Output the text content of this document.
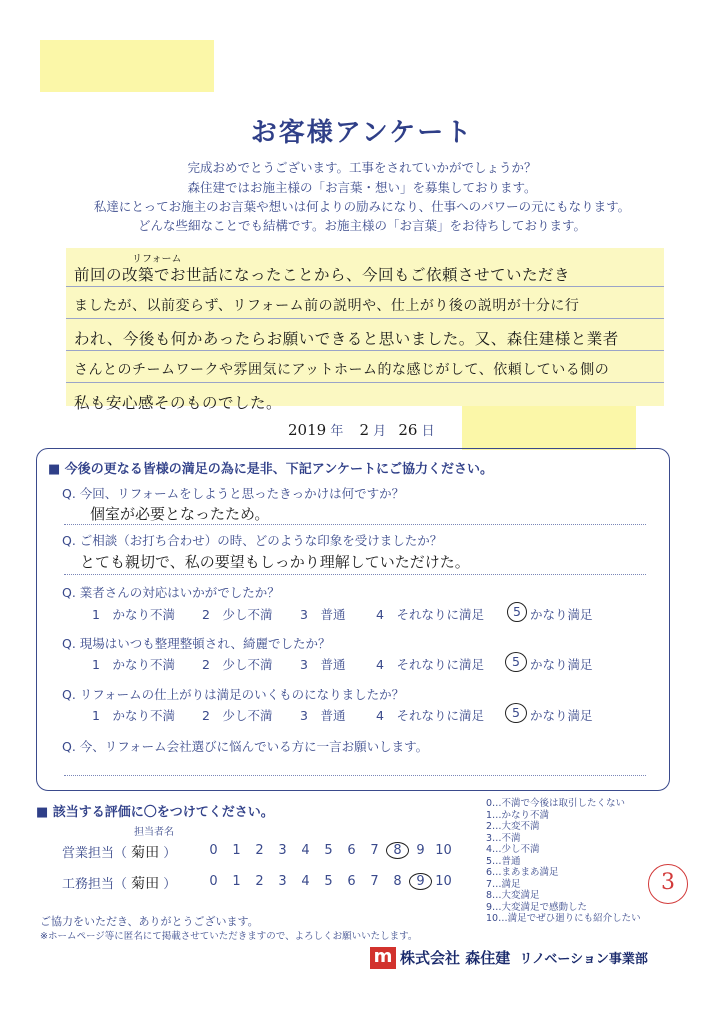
お客様アンケート
完成おめでとうございます。工事をされていかがでしょうか？
森住建ではお施主様の「お言葉・想い」を募集しております。
私達にとってお施主のお言葉や想いは何よりの励みになり、仕事へのパワーの元にもなります。
どんな些細なことでも結構です。お施主様の「お言葉」をお待ちしております。
リフォーム
前回の改築でお世話になったことから、今回もご依頼させていただき
ましたが、以前変らず、リフォーム前の説明や、仕上がり後の説明が十分に行
われ、今後も何かあったらお願いできると思いました。又、森住建様と業者
さんとのチームワークや雰囲気にアットホーム的な感じがして、依頼している側の
私も安心感そのものでした。
2019 年 2 月 26 日
■ 今後の更なる皆様の満足の為に是非、下記アンケートにご協力ください。
Q. 今回、リフォームをしようと思ったきっかけは何ですか？
個室が必要となったため。
Q. ご相談（お打ち合わせ）の時、どのような印象を受けましたか？
とても親切で、私の要望もしっかり理解していただけた。
Q. 業者さんの対応はいかがでしたか？
1　かなり不満 2　少し不満 3　普通 4　それなりに満足	5 かなり満足
Q. 現場はいつも整理整頓され、綺麗でしたか？
1　かなり不満 2　少し不満 3　普通 4　それなりに満足	5 かなり満足
Q. リフォームの仕上がりは満足のいくものになりましたか？
1　かなり不満 2　少し不満 3　普通 4　それなりに満足	5 かなり満足
Q. 今、リフォーム会社選びに悩んでいる方に一言お願いします。
■ 該当する評価に〇をつけてください。
担当者名
営業担当（ 菊田 ）	0 1 2 3 4 5 6 7 8 9 10
工務担当（ 菊田 ）	0 1 2 3 4 5 6 7 8 9 10
0…不満で今後は取引したくない
1…かなり不満
2…大変不満
3…不満
4…少し不満
5…普通
6…まあまあ満足
7…満足
8…大変満足
9…大変満足で感動した
10…満足でぜひ廻りにも紹介したい
3
ご協力をいただき、ありがとうございます。
※ホームページ等に匿名にて掲載させていただきますので、よろしくお願いいたします。
m 株式会社 森住建 リノベーション事業部
